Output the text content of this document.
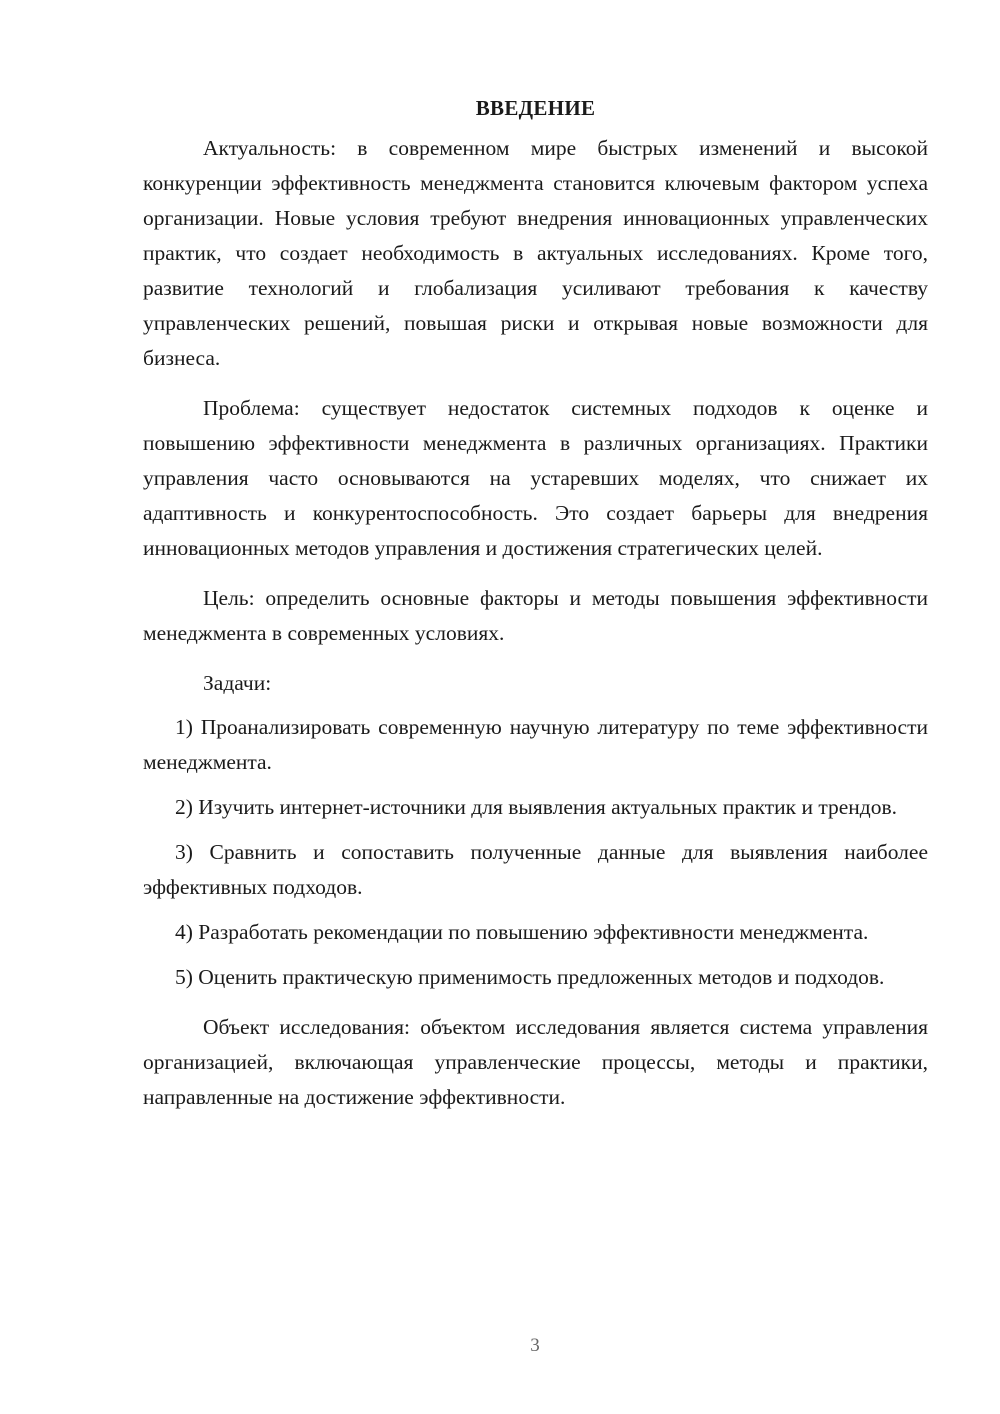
ВВЕДЕНИЕ

Актуальность: в современном мире быстрых изменений и высокой конкуренции эффективность менеджмента становится ключевым фактором успеха организации. Новые условия требуют внедрения инновационных управленческих практик, что создает необходимость в актуальных исследованиях. Кроме того, развитие технологий и глобализация усиливают требования к качеству управленческих решений, повышая риски и открывая новые возможности для бизнеса.

Проблема: существует недостаток системных подходов к оценке и повышению эффективности менеджмента в различных организациях. Практики управления часто основываются на устаревших моделях, что снижает их адаптивность и конкурентоспособность. Это создает барьеры для внедрения инновационных методов управления и достижения стратегических целей.

Цель: определить основные факторы и методы повышения эффективности менеджмента в современных условиях.

Задачи:

1) Проанализировать современную научную литературу по теме эффективности менеджмента.

2) Изучить интернет-источники для выявления актуальных практик и трендов.

3) Сравнить и сопоставить полученные данные для выявления наиболее эффективных подходов.

4) Разработать рекомендации по повышению эффективности менеджмента.

5) Оценить практическую применимость предложенных методов и подходов.

Объект исследования: объектом исследования является система управления организацией, включающая управленческие процессы, методы и практики, направленные на достижение эффективности.

3
